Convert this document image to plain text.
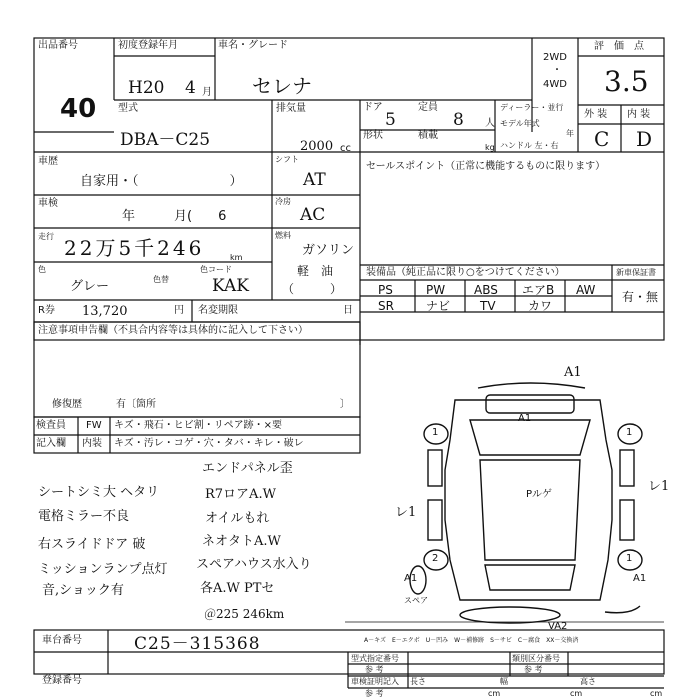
出品番号
40
初度登録年月
H20 4 月
車名・グレード
セレナ
2WD
・
4WD
評　価　点
3.5
外 装 内 装
C D
型式
DBA－C25
排気量
2000 cc
ドア
5
定員
8 人
形状	積載
kg
ディーラー・並行
モデル年式
年
ハンドル 左・右
車歴
自家用・（　　　　　　　）
シフト
AT
車検
年　　　月(　　6
冷房
AC
走行 22万5千246	km
燃料
ガソリン
軽　油
（　　　）
色
グレー	色替
色コード
KAK
R券 13,720	円 名変期限	日
セールスポイント（正常に機能するものに限ります）
装備品（純正品に限り○をつけてください）	新車保証書
有・無
PS	PW ABS エアB AW
SR	ナビ TV	カワ
注意事項申告欄（不具合内容等は具体的に記入して下さい）
修復歴	有〔箇所	〕
検査員 FW キズ・飛石・ヒビ割・リペア跡・×要
記入欄 内装 キズ・汚レ・コゲ・穴・タバ・キレ・破レ
シートシミ大 ヘタリ
電格ミラー不良
右スライドドア 破
ミッションランプ点灯
音,ショック有
エンドパネル歪
R7ロアA.W
オイルもれ
ネオタトA.W
スペアハウス水入り
各A.W PTセ
＠225 246km
A1
A1
Pルゲ
レ1
レ1
A1	A1
VA2
1	1
1
2
スペア
A－キズ　E－エクボ　U－凹み　W－補修跡　S－サビ　C－腐食　XX－交換済
車台番号	C25－315368
登録番号
型式指定番号
参 考
類別区分番号
参 考
車検証明記入
参 考
長さ
cm
幅
cm
高さ
cm
